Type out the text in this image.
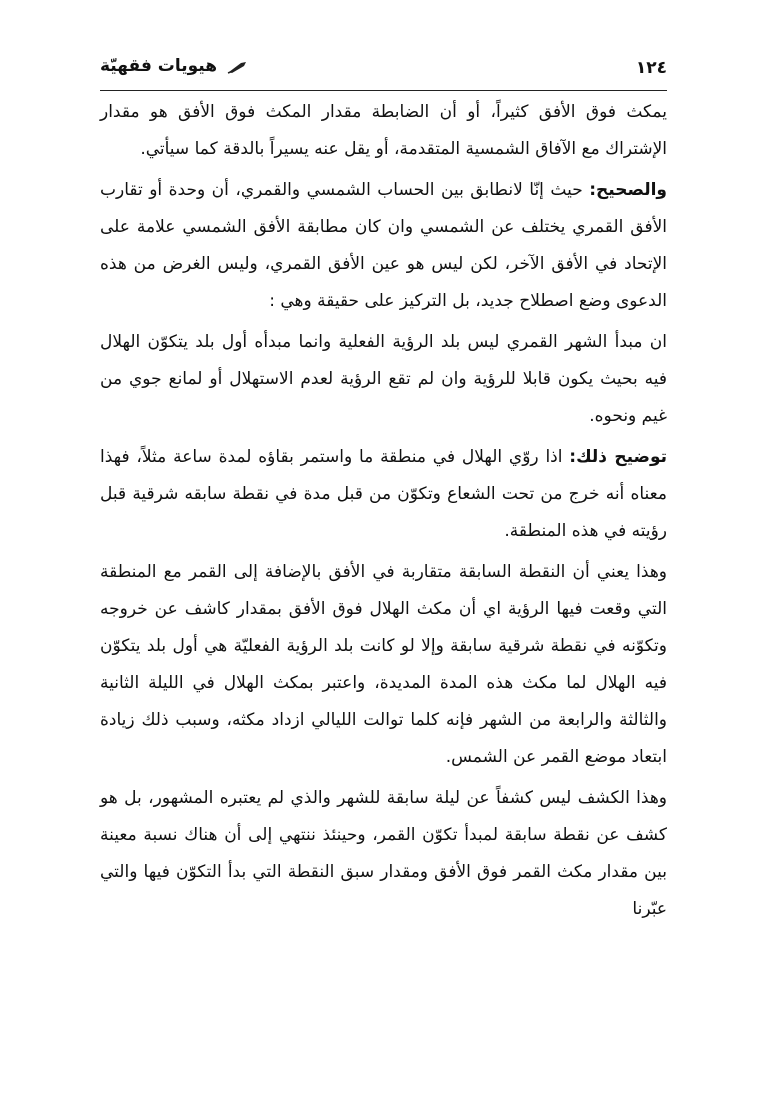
١٢٤
هيويات فقهيّة

يمكث فوق الأفق كثيراً، أو أن الضابطة مقدار المكث فوق الأفق هو مقدار الإشتراك مع الآفاق الشمسية المتقدمة، أو يقل عنه يسيراً بالدقة كما سيأتي.

والصحيح: حيث إنّا لانطابق بين الحساب الشمسي والقمري، أن وحدة أو تقارب الأفق القمري يختلف عن الشمسي وان كان مطابقة الأفق الشمسي علامة على الإتحاد في الأفق الآخر، لكن ليس هو عين الأفق القمري، وليس الغرض من هذه الدعوى وضع اصطلاح جديد، بل التركيز على حقيقة وهي :

ان مبدأ الشهر القمري ليس بلد الرؤية الفعلية وانما مبدأه أول بلد يتكوّن الهلال فيه بحيث يكون قابلا للرؤية وان لم تقع الرؤية لعدم الاستهلال أو لمانع جوي من غيم ونحوه.

توضيح ذلك: اذا روّي الهلال في منطقة ما واستمر بقاؤه لمدة ساعة مثلاً، فهذا معناه أنه خرج من تحت الشعاع وتكوّن من قبل مدة في نقطة سابقه شرقية قبل رؤيته في هذه المنطقة.

وهذا يعني أن النقطة السابقة متقاربة في الأفق بالإضافة إلى القمر مع المنطقة التي وقعت فيها الرؤية اي أن مكث الهلال فوق الأفق بمقدار كاشف عن خروجه وتكوّنه في نقطة شرقية سابقة وإلا لو كانت بلد الرؤية الفعليّة هي أول بلد يتكوّن فيه الهلال لما مكث هذه المدة المديدة، واعتبر بمكث الهلال في الليلة الثانية والثالثة والرابعة من الشهر فإنه كلما توالت الليالي ازداد مكثه، وسبب ذلك زيادة ابتعاد موضع القمر عن الشمس.

وهذا الكشف ليس كشفاً عن ليلة سابقة للشهر والذي لم يعتبره المشهور، بل هو كشف عن نقطة سابقة لمبدأ تكوّن القمر، وحينئذ ننتهي إلى أن هناك نسبة معينة بين مقدار مكث القمر فوق الأفق ومقدار سبق النقطة التي بدأ التكوّن فيها والتي عبّرنا
